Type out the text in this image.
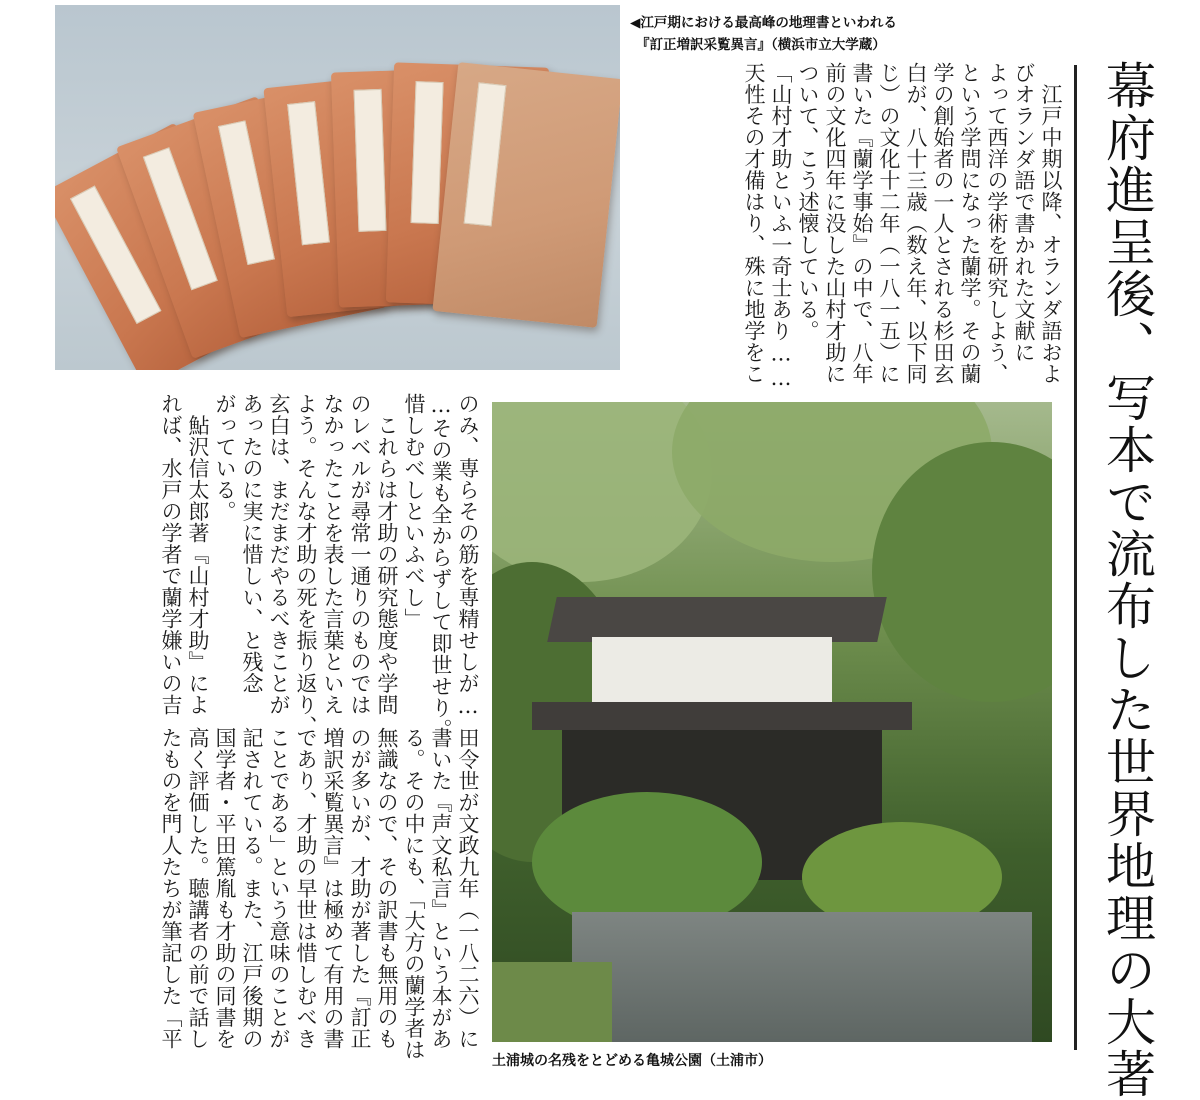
◀江戸期における最高峰の地理書といわれる
『訂正増訳采覧異言』（横浜市立大学蔵）
　江戸中期以降、オランダ語およ
びオランダ語で書かれた文献に
よって西洋の学術を研究しよう、
という学問になった蘭学。その蘭
学の創始者の一人とされる杉田玄
白が、八十三歳（数え年、以下同
じ）の文化十二年（一八一五）に
書いた『蘭学事始』の中で、八年
前の文化四年に没した山村才助に
ついて、こう述懐している。
「山村才助といふ一奇士あり……
天性その才備はり、殊に地学をこ	幕府進呈後、写本で流布した世界地理の大著
のみ、専らその筋を専精せしが…
…その業も全からずして即世せり。
惜しむべしといふべし」
　これらは才助の研究態度や学問
のレベルが尋常一通りのものでは
なかったことを表した言葉といえ
よう。そんな才助の死を振り返り、
玄白は、まだまだやるべきことが
あったのに実に惜しい、と残念
がっている。
　鮎沢信太郎著『山村才助』によ
れば、水戸の学者で蘭学嫌いの吉
田令世が文政九年（一八二六）に
書いた『声文私言』という本があ
る。その中にも、「大方の蘭学者は
無識なので、その訳書も無用のも
のが多いが、才助が著した『訂正
増訳采覧異言』は極めて有用の書
であり、才助の早世は惜しむべき
ことである」という意味のことが
記されている。また、江戸後期の
国学者・平田篤胤も才助の同書を
高く評価した。聴講者の前で話し
たものを門人たちが筆記した「平
土浦城の名残をとどめる亀城公園（土浦市）
